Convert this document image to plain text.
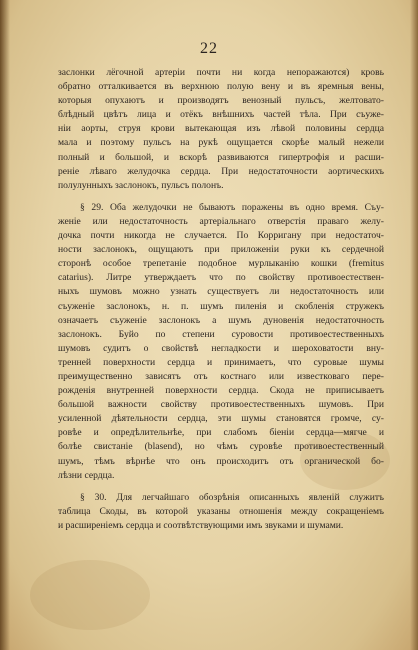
22

заслонки лёгочной артеріи почти ни когда непоражаются) кровь
обратно отталкивается въ верхнюю полую вену и въ яремныя вены,
которыя опухаютъ и производятъ венозный пульсъ, желтовато-
блѣдный цвѣтъ лица и отёкъ внѣшнихъ частей тѣла. При съуже-
ніи аорты, струя крови вытекающая изъ лѣвой половины сердца
мала и поэтому пульсъ на рукѣ ощущается скорѣе малый нежели
полный и большой, и вскорѣ развиваются гипертрофія и расши-
реніе лѣваго желудочка сердца. При недостаточности аортическихъ
полулунныхъ заслонокъ, пульсъ полонъ.

§ 29. Оба желудочки не бываютъ поражены въ одно время. Съу-
женіе или недостаточность артеріальнаго отверстія праваго желу-
дочка почти никогда не случается. По Корригану при недостаточ-
ности заслонокъ, ощущаютъ при приложеніи руки къ сердечной
сторонѣ особое трепетаніе подобное мурлыканію кошки (fremitus
catarius). Литре утверждаетъ что по свойству противоестествен-
ныхъ шумовъ можно узнать существуетъ ли недостаточность или
съуженіе заслонокъ, н. п. шумъ пиленія и скобленія стружекъ
означаетъ съуженіе заслонокъ а шумъ дуновенія недостаточность
заслонокъ. Буйо по степени суровости противоестественныхъ
шумовъ судитъ о свойствѣ негладкости и шероховатости вну-
тренней поверхности сердца и принимаетъ, что суровые шумы
преимущественно зависятъ отъ костнаго или известковаго пере-
рожденія внутренней поверхности сердца. Скода не приписываетъ
большой важности свойству противоестественныхъ шумовъ. При
усиленной дѣятельности сердца, эти шумы становятся громче, су-
ровѣе и опредѣлительнѣе, при слабомъ біеніи сердца—мягче и
болѣе свистаніе (blasend), но чѣмъ суровѣе противоестественный
шумъ, тѣмъ вѣрнѣе что онъ происходитъ отъ органической бо-
лѣзни сердца.

§ 30. Для легчайшаго обозрѣнія описанныхъ явленій служитъ
таблица Скоды, въ которой указаны отношенія между сокращеніемъ
и расширеніемъ сердца и соотвѣтствующими имъ звуками и шумами.
